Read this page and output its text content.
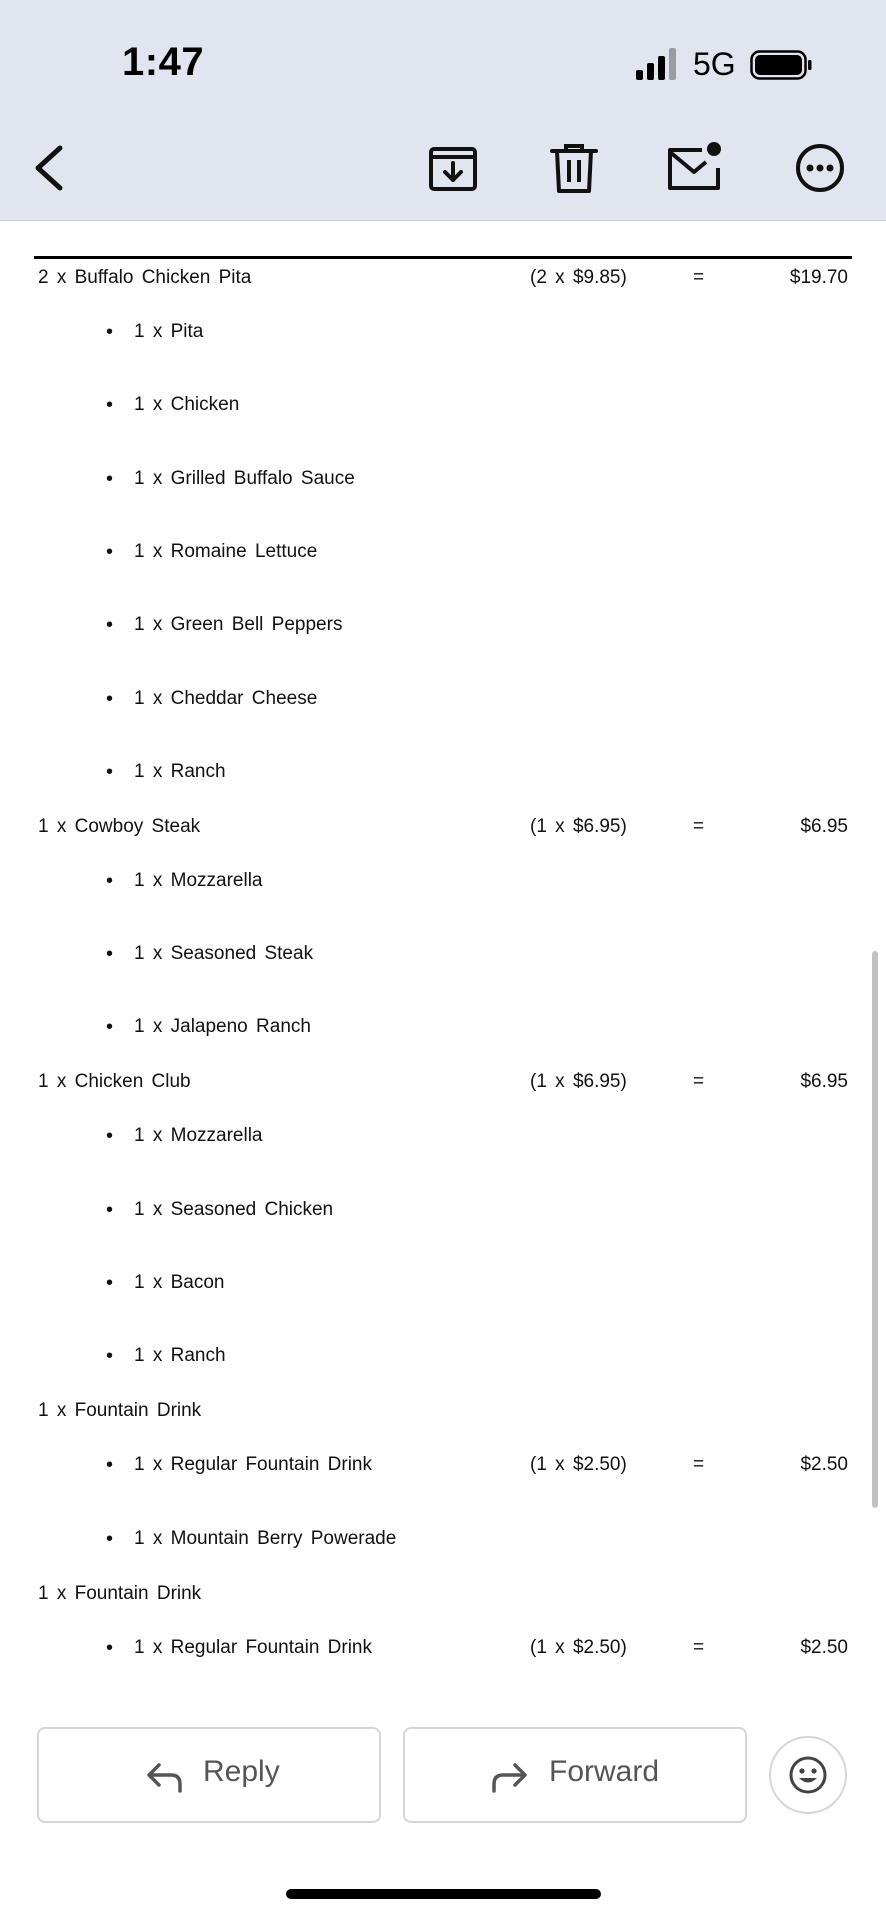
1:47	5G
2 x Buffalo Chicken Pita	(2 x $9.85)	=	$19.70
• 1 x Pita
• 1 x Chicken
• 1 x Grilled Buffalo Sauce
• 1 x Romaine Lettuce
• 1 x Green Bell Peppers
• 1 x Cheddar Cheese
• 1 x Ranch
1 x Cowboy Steak	(1 x $6.95)	=	$6.95
• 1 x Mozzarella
• 1 x Seasoned Steak
• 1 x Jalapeno Ranch
1 x Chicken Club	(1 x $6.95)	=	$6.95
• 1 x Mozzarella
• 1 x Seasoned Chicken
• 1 x Bacon
• 1 x Ranch
1 x Fountain Drink
• 1 x Regular Fountain Drink	(1 x $2.50)	=	$2.50
• 1 x Mountain Berry Powerade
1 x Fountain Drink
• 1 x Regular Fountain Drink	(1 x $2.50)	=	$2.50
Reply	Forward
